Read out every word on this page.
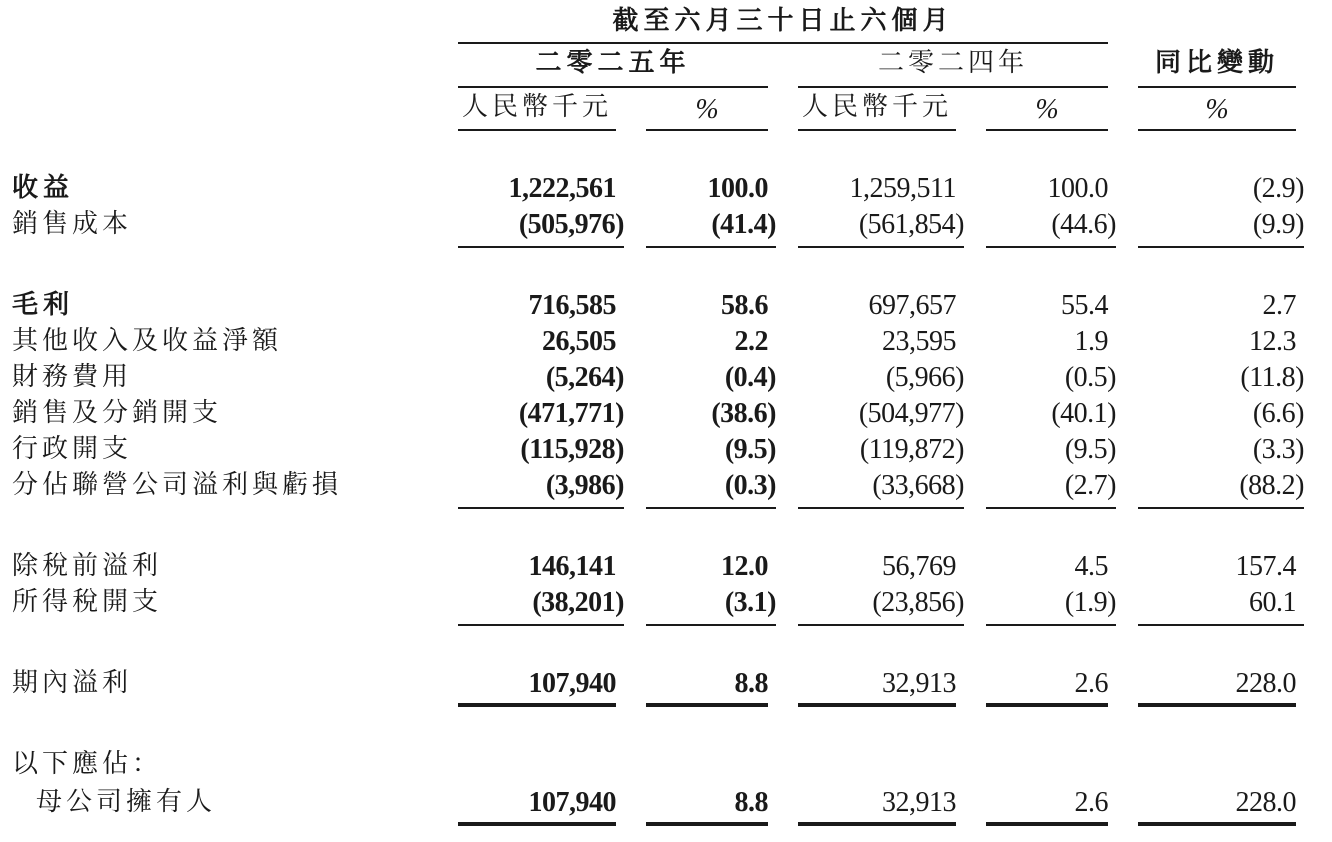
截至六月三十日止六個月
二零二五年	二零二四年	同比變動
人民幣千元	%	人民幣千元	%	%
收益	1,222,561	100.0	1,259,511	100.0	(2.9)
銷售成本	(505,976)	(41.4)	(561,854)	(44.6)	(9.9)
毛利	716,585	58.6	697,657	55.4	2.7
其他收入及收益淨額	26,505	2.2	23,595	1.9	12.3
財務費用	(5,264)	(0.4)	(5,966)	(0.5)	(11.8)
銷售及分銷開支	(471,771)	(38.6)	(504,977)	(40.1)	(6.6)
行政開支	(115,928)	(9.5)	(119,872)	(9.5)	(3.3)
分佔聯營公司溢利與虧損	(3,986)	(0.3)	(33,668)	(2.7)	(88.2)
除稅前溢利	146,141	12.0	56,769	4.5	157.4
所得稅開支	(38,201)	(3.1)	(23,856)	(1.9)	60.1
期內溢利	107,940	8.8	32,913	2.6	228.0
以下應佔：
母公司擁有人	107,940	8.8	32,913	2.6	228.0
